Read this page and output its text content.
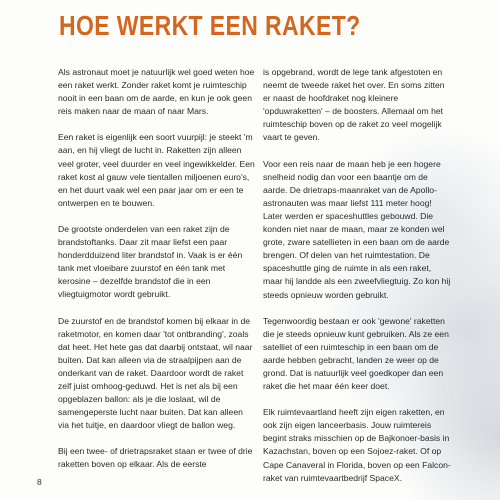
HOE WERKT EEN RAKET?

Als astronaut moet je natuurlijk wel goed weten hoe een raket werkt. Zonder raket komt je ruimteschip nooit in een baan om de aarde, en kun je ook geen reis maken naar de maan of naar Mars.

Een raket is eigenlijk een soort vuurpijl: je steekt 'm aan, en hij vliegt de lucht in. Raketten zijn alleen veel groter, veel duurder en veel ingewikkelder. Een raket kost al gauw vele tientallen miljoenen euro's, en het duurt vaak wel een paar jaar om er een te ontwerpen en te bouwen.

De grootste onderdelen van een raket zijn de brandstoftanks. Daar zit maar liefst een paar honderdduizend liter brandstof in. Vaak is er één tank met vloeibare zuurstof en één tank met kerosine – dezelfde brandstof die in een vliegtuigmotor wordt gebruikt.

De zuurstof en de brandstof komen bij elkaar in de raketmotor, en komen daar 'tot ontbranding', zoals dat heet. Het hete gas dat daarbij ontstaat, wil naar buiten. Dat kan alleen via de straalpijpen aan de onderkant van de raket. Daardoor wordt de raket zelf juist omhoog-geduwd. Het is net als bij een opgeblazen ballon: als je die loslaat, wil de samengeperste lucht naar buiten. Dat kan alleen via het tuitje, en daardoor vliegt de ballon weg.

Bij een twee- of drietrapsraket staan er twee of drie raketten boven op elkaar. Als de eerste

is opgebrand, wordt de lege tank afgestoten en neemt de tweede raket het over. En soms zitten er naast de hoofdraket nog kleinere 'opduwraketten' – de boosters. Allemaal om het ruimteschip boven op de raket zo veel mogelijk vaart te geven.

Voor een reis naar de maan heb je een hogere snelheid nodig dan voor een baantje om de aarde. De drietraps-maanraket van de Apollo-astronauten was maar liefst 111 meter hoog! Later werden er spaceshuttles gebouwd. Die konden niet naar de maan, maar ze konden wel grote, zware satellieten in een baan om de aarde brengen. Of delen van het ruimtestation. De spaceshuttle ging de ruimte in als een raket, maar hij landde als een zweefvliegtuig. Zo kon hij steeds opnieuw worden gebruikt.

Tegenwoordig bestaan er ook 'gewone' raketten die je steeds opnieuw kunt gebruiken. Als ze een satelliet of een ruimteschip in een baan om de aarde hebben gebracht, landen ze weer op de grond. Dat is natuurlijk veel goedkoper dan een raket die het maar één keer doet.

Elk ruimtevaartland heeft zijn eigen raketten, en ook zijn eigen lanceerbasis. Jouw ruimtereis begint straks misschien op de Bajkonoer-basis in Kazachstan, boven op een Sojoez-raket. Of op Cape Canaveral in Florida, boven op een Falcon-raket van ruimtevaartbedrijf SpaceX.

8
